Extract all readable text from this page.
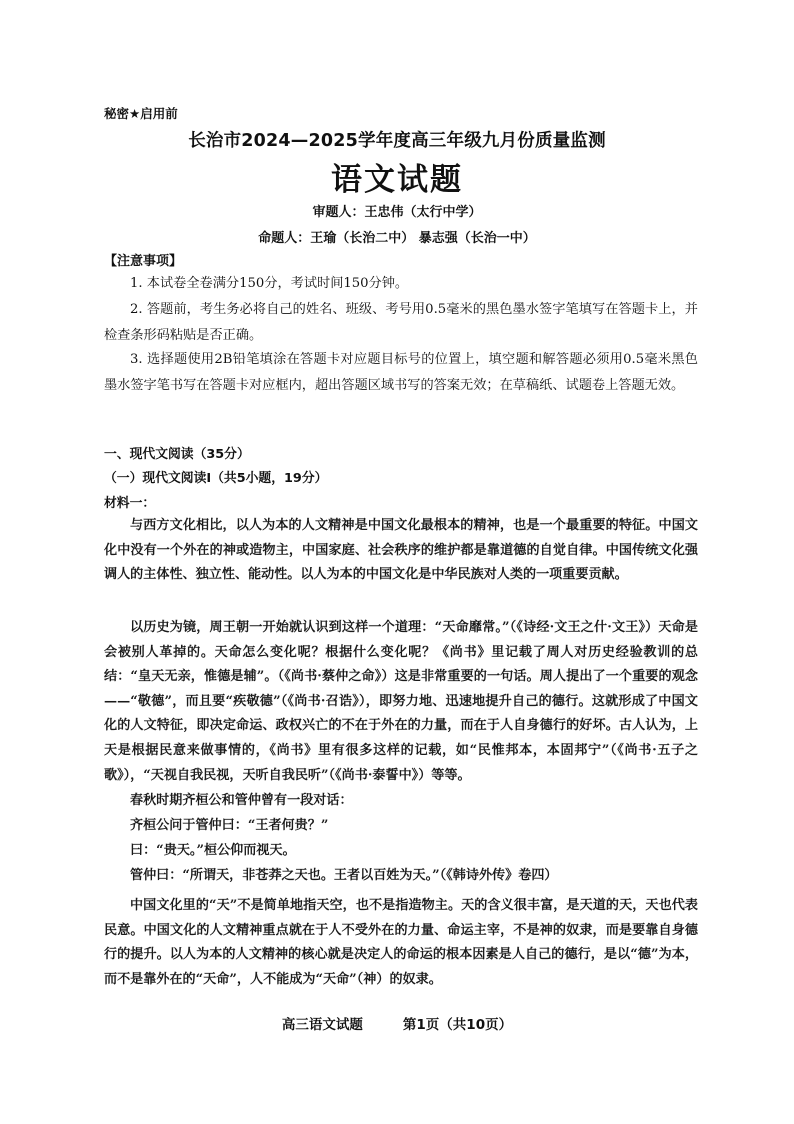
秘密★启用前
长治市2024—2025学年度高三年级九月份质量监测
语文试题
审题人：王忠伟（太行中学）
命题人：王瑜（长治二中） 暴志强（长治一中）
【注意事项】
1. 本试卷全卷满分150分，考试时间150分钟。
2. 答题前，考生务必将自己的姓名、班级、考号用0.5毫米的黑色墨水签字笔填写在答题卡上，并检查条形码粘贴是否正确。
3. 选择题使用2B铅笔填涂在答题卡对应题目标号的位置上，填空题和解答题必须用0.5毫米黑色墨水签字笔书写在答题卡对应框内，超出答题区域书写的答案无效；在草稿纸、试题卷上答题无效。
一、现代文阅读（35分）
（一）现代文阅读Ⅰ（共5小题，19分）
材料一：
与西方文化相比，以人为本的人文精神是中国文化最根本的精神，也是一个最重要的特征。中国文化中没有一个外在的神或造物主，中国家庭、社会秩序的维护都是靠道德的自觉自律。中国传统文化强调人的主体性、独立性、能动性。以人为本的中国文化是中华民族对人类的一项重要贡献。
以历史为镜，周王朝一开始就认识到这样一个道理：“天命靡常。”（《诗经·文王之什·文王》）天命是会被别人革掉的。天命怎么变化呢？根据什么变化呢？《尚书》里记载了周人对历史经验教训的总结：“皇天无亲，惟德是辅”。（《尚书·蔡仲之命》）这是非常重要的一句话。周人提出了一个重要的观念——“敬德”，而且要“疾敬德”（《尚书·召诰》），即努力地、迅速地提升自己的德行。这就形成了中国文化的人文特征，即决定命运、政权兴亡的不在于外在的力量，而在于人自身德行的好坏。古人认为，上天是根据民意来做事情的，《尚书》里有很多这样的记载，如“民惟邦本，本固邦宁”（《尚书·五子之歌》），“天视自我民视，天听自我民听”（《尚书·泰誓中》）等等。
春秋时期齐桓公和管仲曾有一段对话：
齐桓公问于管仲曰：“王者何贵？”
曰：“贵天。”桓公仰而视天。
管仲曰：“所谓天，非苍莽之天也。王者以百姓为天。”（《韩诗外传》卷四）
中国文化里的“天”不是简单地指天空，也不是指造物主。天的含义很丰富，是天道的天，天也代表民意。中国文化的人文精神重点就在于人不受外在的力量、命运主宰，不是神的奴隶，而是要靠自身德行的提升。以人为本的人文精神的核心就是决定人的命运的根本因素是人自己的德行，是以“德”为本，而不是靠外在的“天命”，人不能成为“天命”（神）的奴隶。
高三语文试题	第1页（共10页）
